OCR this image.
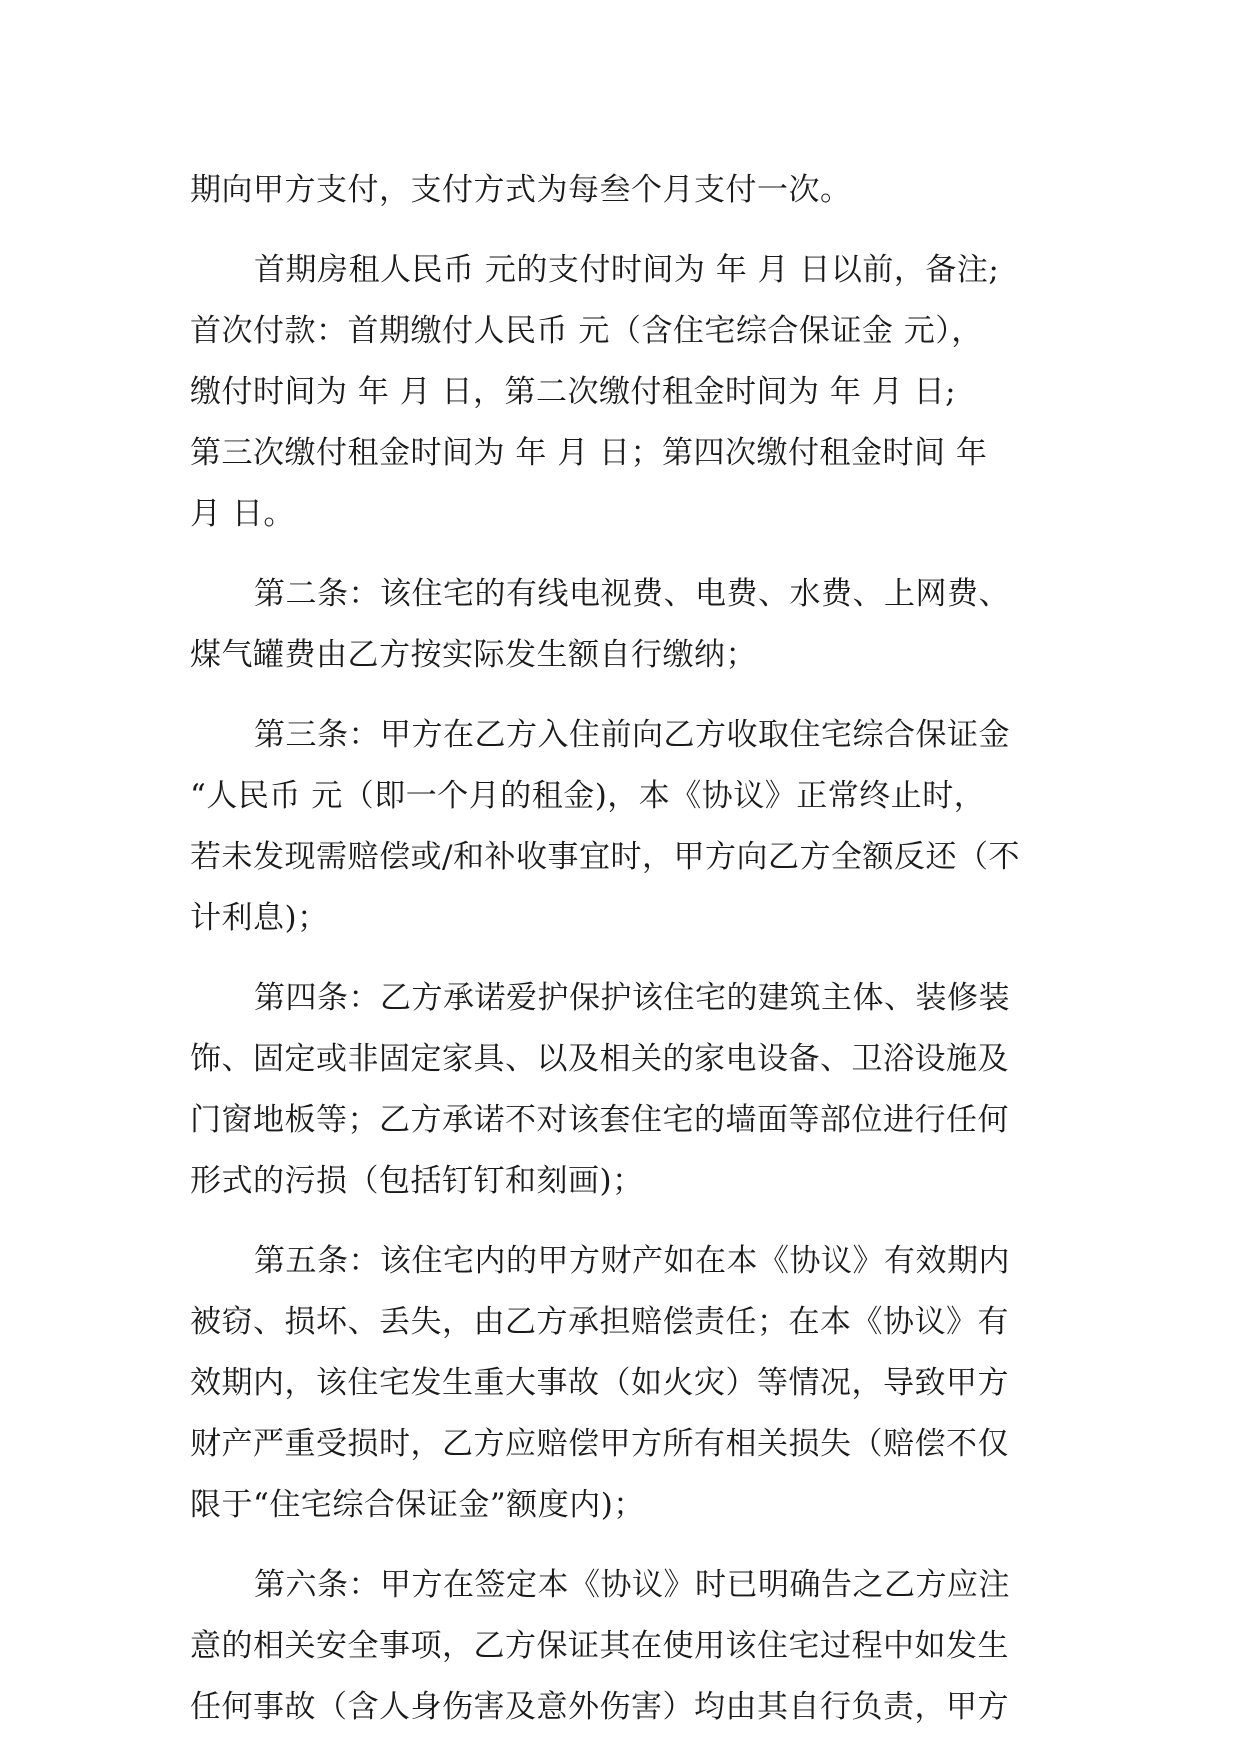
期向甲方支付，支付方式为每叁个月支付一次。
首期房租人民币 元的支付时间为 年 月 日以前，备注;
首次付款：首期缴付人民币 元（含住宅综合保证金 元），
缴付时间为 年 月 日，第二次缴付租金时间为 年 月 日;
第三次缴付租金时间为 年 月 日；第四次缴付租金时间 年
月 日。
第二条：该住宅的有线电视费、电费、水费、上网费、
煤气罐费由乙方按实际发生额自行缴纳；
第三条：甲方在乙方入住前向乙方收取住宅综合保证金
“人民币 元（即一个月的租金)，本《协议》正常终止时，
若未发现需赔偿或/和补收事宜时，甲方向乙方全额反还（不
计利息)；
第四条：乙方承诺爱护保护该住宅的建筑主体、装修装
饰、固定或非固定家具、以及相关的家电设备、卫浴设施及
门窗地板等；乙方承诺不对该套住宅的墙面等部位进行任何
形式的污损（包括钉钉和刻画)；
第五条：该住宅内的甲方财产如在本《协议》有效期内
被窃、损坏、丢失，由乙方承担赔偿责任；在本《协议》有
效期内，该住宅发生重大事故（如火灾）等情况，导致甲方
财产严重受损时，乙方应赔偿甲方所有相关损失（赔偿不仅
限于“住宅综合保证金”额度内)；
第六条：甲方在签定本《协议》时已明确告之乙方应注
意的相关安全事项，乙方保证其在使用该住宅过程中如发生
任何事故（含人身伤害及意外伤害）均由其自行负责，甲方
